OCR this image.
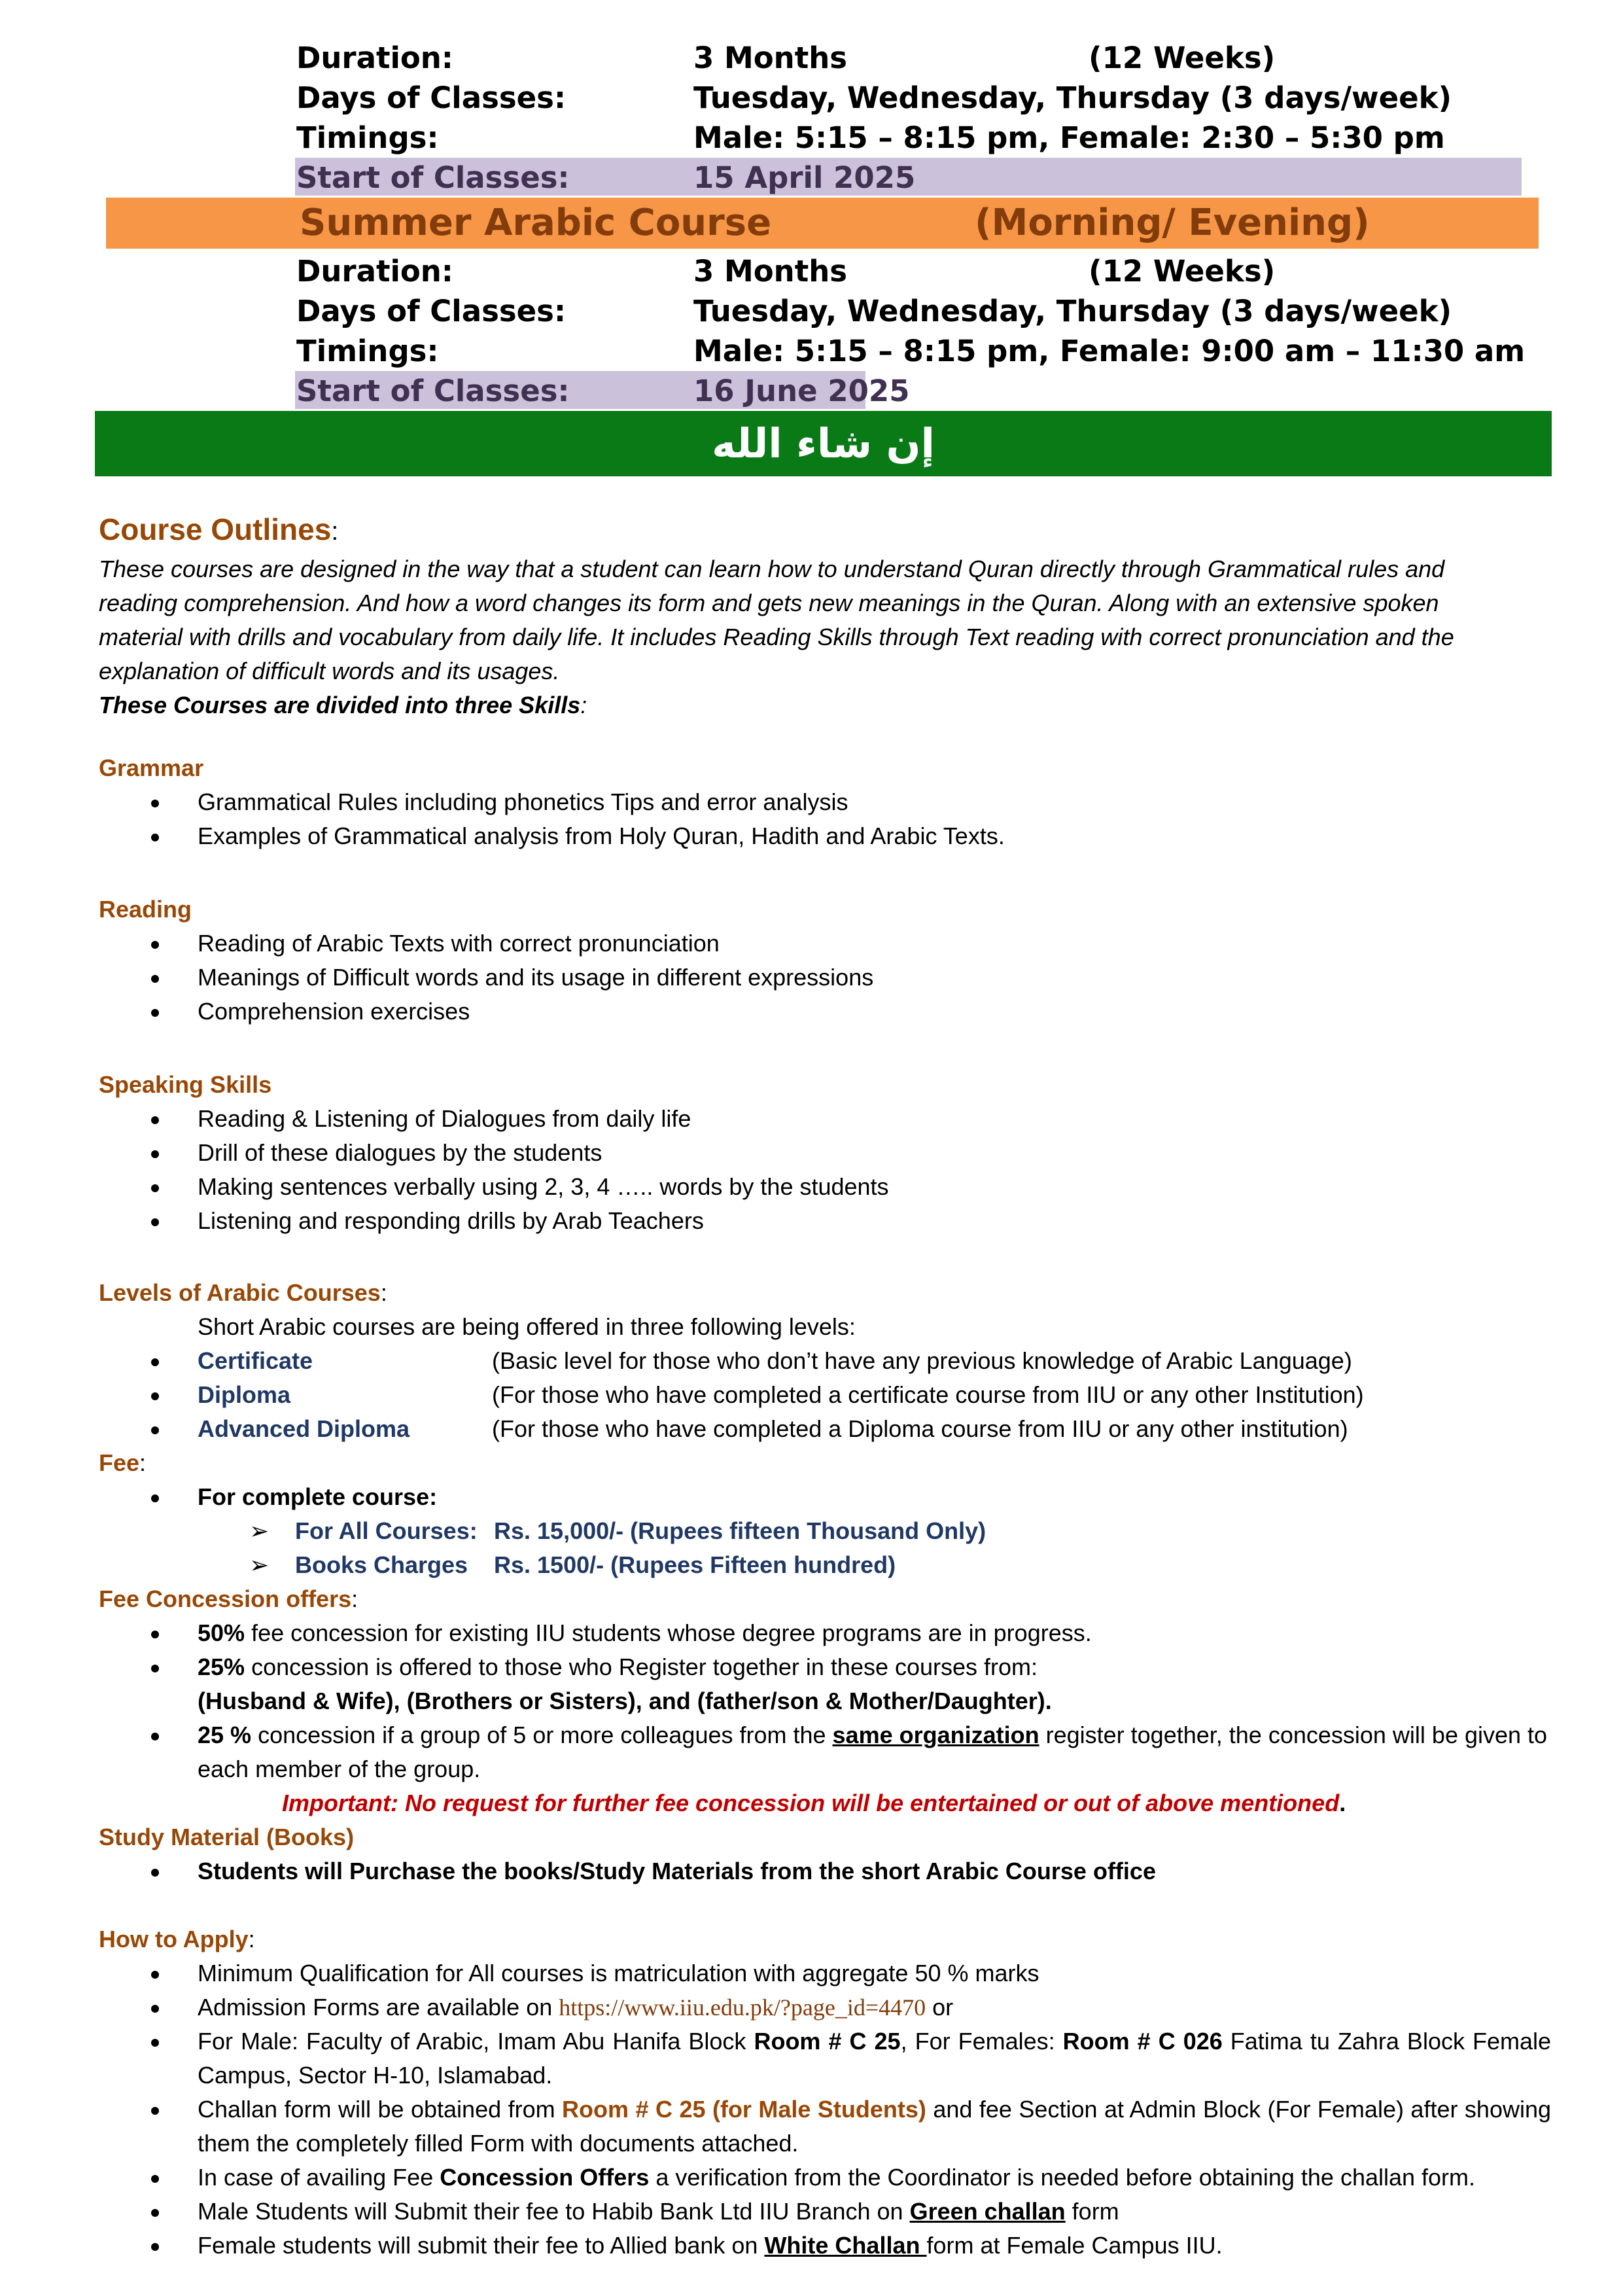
Duration:	3 Months	(12 Weeks)
Days of Classes:	Tuesday, Wednesday, Thursday (3 days/week)
Timings:	Male: 5:15 – 8:15 pm, Female: 2:30 – 5:30 pm
Start of Classes:	15 April 2025
Summer Arabic Course	(Morning/ Evening)
Duration:	3 Months	(12 Weeks)
Days of Classes:	Tuesday, Wednesday, Thursday (3 days/week)
Timings:	Male: 5:15 – 8:15 pm, Female: 9:00 am – 11:30 am
Start of Classes:	16 June 2025
إن شاء الله
Course Outlines:
These courses are designed in the way that a student can learn how to understand Quran directly through Grammatical rules and reading comprehension. And how a word changes its form and gets new meanings in the Quran. Along with an extensive spoken material with drills and vocabulary from daily life. It includes Reading Skills through Text reading with correct pronunciation and the explanation of difficult words and its usages.
These Courses are divided into three Skills:
Grammar
Grammatical Rules including phonetics Tips and error analysis
Examples of Grammatical analysis from Holy Quran, Hadith and Arabic Texts.
Reading
Reading of Arabic Texts with correct pronunciation
Meanings of Difficult words and its usage in different expressions
Comprehension exercises
Speaking Skills
Reading & Listening of Dialogues from daily life
Drill of these dialogues by the students
Making sentences verbally using 2, 3, 4 ….. words by the students
Listening and responding drills by Arab Teachers
Levels of Arabic Courses:
Short Arabic courses are being offered in three following levels:
Certificate	(Basic level for those who don’t have any previous knowledge of Arabic Language)
Diploma	(For those who have completed a certificate course from IIU or any other Institution)
Advanced Diploma	(For those who have completed a Diploma course from IIU or any other institution)
Fee:
For complete course:
➢ For All Courses: Rs. 15,000/- (Rupees fifteen Thousand Only)
➢ Books Charges Rs. 1500/- (Rupees Fifteen hundred)
Fee Concession offers:
50% fee concession for existing IIU students whose degree programs are in progress.
25% concession is offered to those who Register together in these courses from:
(Husband & Wife), (Brothers or Sisters), and (father/son & Mother/Daughter).
25 % concession if a group of 5 or more colleagues from the same organization register together, the concession will be given to each member of the group.
Important: No request for further fee concession will be entertained or out of above mentioned.
Study Material (Books)
Students will Purchase the books/Study Materials from the short Arabic Course office
How to Apply:
Minimum Qualification for All courses is matriculation with aggregate 50 % marks
Admission Forms are available on https://www.iiu.edu.pk/?page_id=4470 or
For Male: Faculty of Arabic, Imam Abu Hanifa Block Room # C 25, For Females: Room # C 026 Fatima tu Zahra Block Female Campus, Sector H-10, Islamabad.
Challan form will be obtained from Room # C 25 (for Male Students) and fee Section at Admin Block (For Female) after showing them the completely filled Form with documents attached.
In case of availing Fee Concession Offers a verification from the Coordinator is needed before obtaining the challan form.
Male Students will Submit their fee to Habib Bank Ltd IIU Branch on Green challan form
Female students will submit their fee to Allied bank on White Challan form at Female Campus IIU.
